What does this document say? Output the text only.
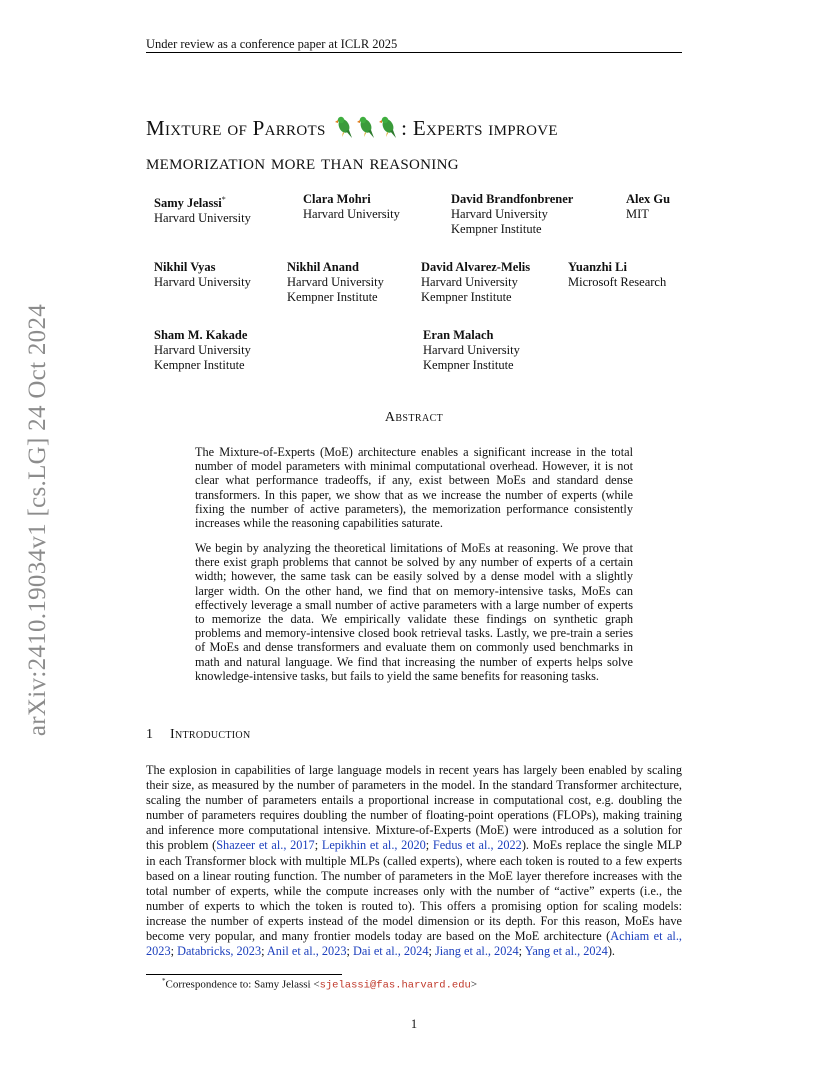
Under review as a conference paper at ICLR 2025
arXiv:2410.19034v1 [cs.LG] 24 Oct 2024
Mixture of Parrots	: Experts improve
memorization more than reasoning
Samy Jelassi*
Harvard University
Clara Mohri
Harvard University
David Brandfonbrener
Harvard University
Kempner Institute
Alex Gu
MIT
Nikhil Vyas
Harvard University
Nikhil Anand
Harvard University
Kempner Institute
David Alvarez-Melis
Harvard University
Kempner Institute
Yuanzhi Li
Microsoft Research
Sham M. Kakade
Harvard University
Kempner Institute
Eran Malach
Harvard University
Kempner Institute
Abstract
The Mixture-of-Experts (MoE) architecture enables a significant increase in the total number of model parameters with minimal computational overhead. However, it is not clear what performance tradeoffs, if any, exist between MoEs and standard dense transformers. In this paper, we show that as we increase the number of experts (while fixing the number of active parameters), the memorization performance consistently increases while the reasoning capabilities saturate.
We begin by analyzing the theoretical limitations of MoEs at reasoning. We prove that there exist graph problems that cannot be solved by any number of experts of a certain width; however, the same task can be easily solved by a dense model with a slightly larger width. On the other hand, we find that on memory-intensive tasks, MoEs can effectively leverage a small number of active parameters with a large number of experts to memorize the data. We empirically validate these findings on synthetic graph problems and memory-intensive closed book retrieval tasks. Lastly, we pre-train a series of MoEs and dense transformers and evaluate them on commonly used benchmarks in math and natural language. We find that increasing the number of experts helps solve knowledge-intensive tasks, but fails to yield the same benefits for reasoning tasks.
1 Introduction
The explosion in capabilities of large language models in recent years has largely been enabled by scaling their size, as measured by the number of parameters in the model. In the standard Transformer architecture, scaling the number of parameters entails a proportional increase in computational cost, e.g. doubling the number of parameters requires doubling the number of floating-point operations (FLOPs), making training and inference more computational intensive. Mixture-of-Experts (MoE) were introduced as a solution for this problem (Shazeer et al., 2017; Lepikhin et al., 2020; Fedus et al., 2022). MoEs replace the single MLP in each Transformer block with multiple MLPs (called experts), where each token is routed to a few experts based on a linear routing function. The number of parameters in the MoE layer therefore increases with the total number of experts, while the compute increases only with the number of “active” experts (i.e., the number of experts to which the token is routed to). This offers a promising option for scaling models: increase the number of experts instead of the model dimension or its depth. For this reason, MoEs have become very popular, and many frontier models today are based on the MoE architecture (Achiam et al., 2023; Databricks, 2023; Anil et al., 2023; Dai et al., 2024; Jiang et al., 2024; Yang et al., 2024).
*Correspondence to: Samy Jelassi <sjelassi@fas.harvard.edu>
1
